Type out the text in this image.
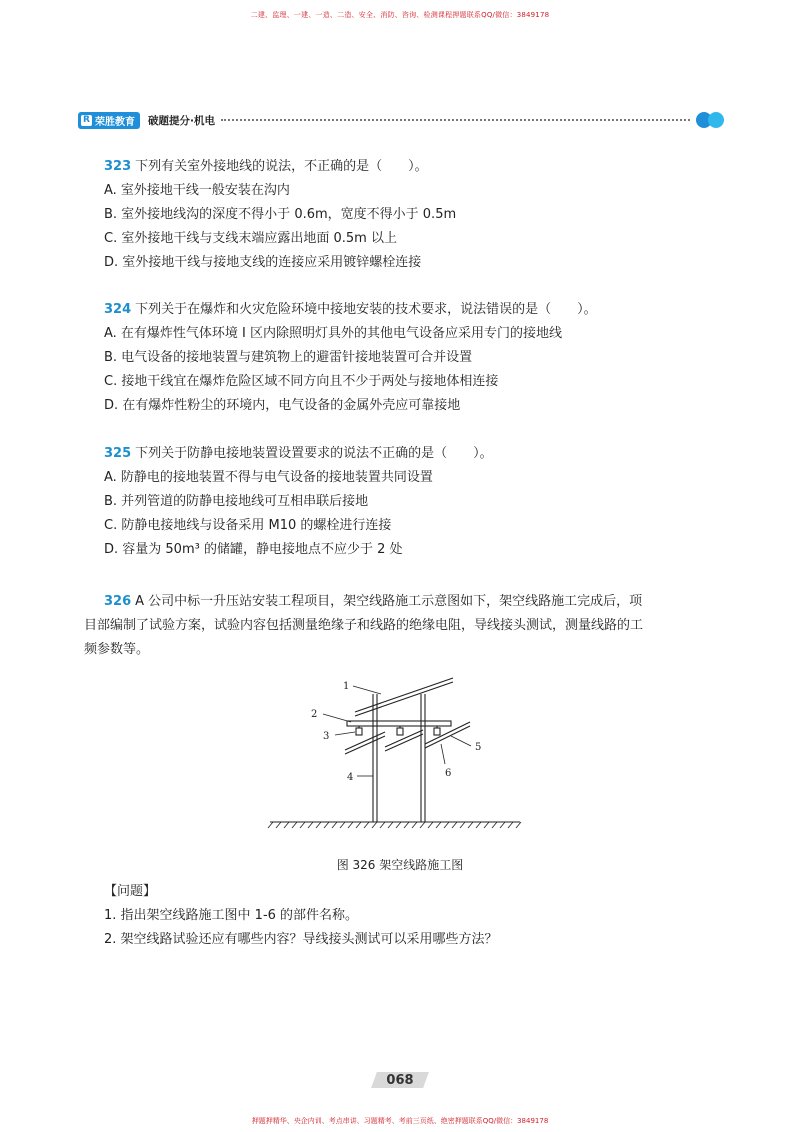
二建、监理、一建、一造、二造、安全、消防、咨询、检测课程押题联系QQ/微信：3849178
R 荣胜教育 破题提分·机电
323 下列有关室外接地线的说法，不正确的是（　　）。
A. 室外接地干线一般安装在沟内
B. 室外接地线沟的深度不得小于 0.6m，宽度不得小于 0.5m
C. 室外接地干线与支线末端应露出地面 0.5m 以上
D. 室外接地干线与接地支线的连接应采用镀锌螺栓连接
324 下列关于在爆炸和火灾危险环境中接地安装的技术要求，说法错误的是（　　）。
A. 在有爆炸性气体环境 I 区内除照明灯具外的其他电气设备应采用专门的接地线
B. 电气设备的接地装置与建筑物上的避雷针接地装置可合并设置
C. 接地干线宜在爆炸危险区域不同方向且不少于两处与接地体相连接
D. 在有爆炸性粉尘的环境内，电气设备的金属外壳应可靠接地
325 下列关于防静电接地装置设置要求的说法不正确的是（　　）。
A. 防静电的接地装置不得与电气设备的接地装置共同设置
B. 并列管道的防静电接地线可互相串联后接地
C. 防静电接地线与设备采用 M10 的螺栓进行连接
D. 容量为 50m³ 的储罐，静电接地点不应少于 2 处
326 A 公司中标一升压站安装工程项目，架空线路施工示意图如下，架空线路施工完成后，项
目部编制了试验方案，试验内容包括测量绝缘子和线路的绝缘电阻，导线接头测试，测量线路的工
频参数等。
1
2
3
4
5
6
图 326 架空线路施工图
【问题】
1. 指出架空线路施工图中 1-6 的部件名称。
2. 架空线路试验还应有哪些内容？导线接头测试可以采用哪些方法？
068
押题押精华、央企内训、考点串讲、习题精考、考前三页纸、绝密押题联系QQ/微信：3849178
